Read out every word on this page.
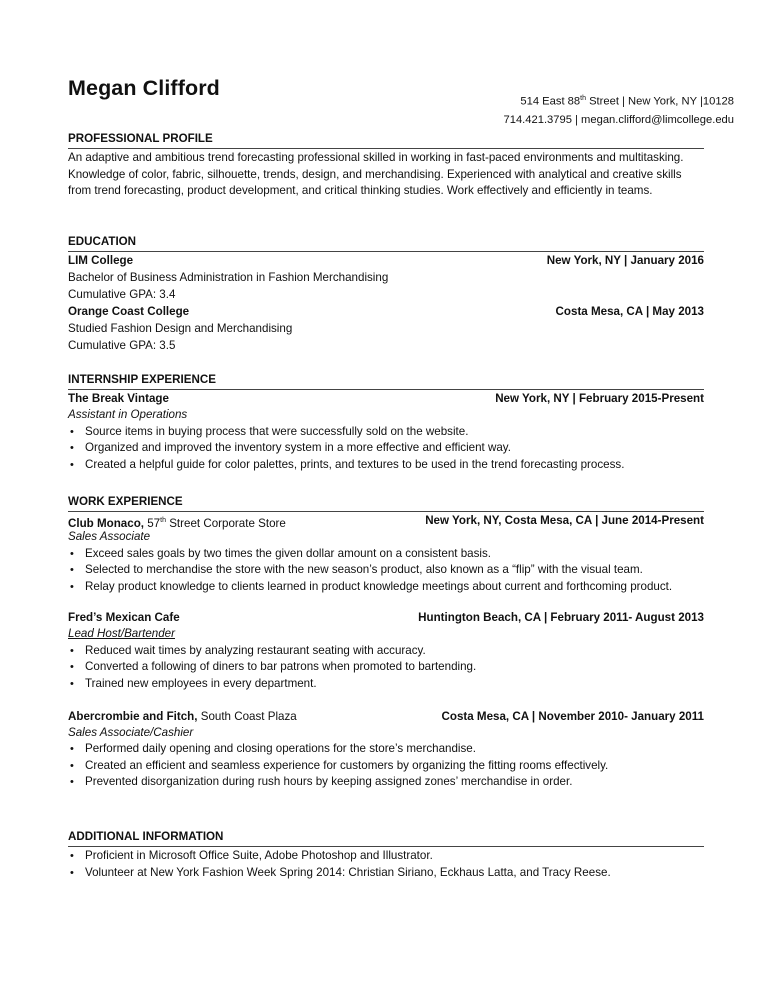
Megan Clifford
514 East 88th Street | New York, NY |10128
714.421.3795 | megan.clifford@limcollege.edu
PROFESSIONAL PROFILE
An adaptive and ambitious trend forecasting professional skilled in working in fast-paced environments and multitasking. Knowledge of color, fabric, silhouette, trends, design, and merchandising. Experienced with analytical and creative skills from trend forecasting, product development, and critical thinking studies. Work effectively and efficiently in teams.
EDUCATION
LIM College	New York, NY | January 2016
Bachelor of Business Administration in Fashion Merchandising
Cumulative GPA: 3.4
Orange Coast College	Costa Mesa, CA | May 2013
Studied Fashion Design and Merchandising
Cumulative GPA: 3.5
INTERNSHIP EXPERIENCE
The Break Vintage	New York, NY | February 2015-Present
Assistant in Operations
• Source items in buying process that were successfully sold on the website.
• Organized and improved the inventory system in a more effective and efficient way.
• Created a helpful guide for color palettes, prints, and textures to be used in the trend forecasting process.
WORK EXPERIENCE
Club Monaco, 57th Street Corporate Store	New York, NY, Costa Mesa, CA | June 2014-Present
Sales Associate
• Exceed sales goals by two times the given dollar amount on a consistent basis.
• Selected to merchandise the store with the new season’s product, also known as a “flip” with the visual team.
• Relay product knowledge to clients learned in product knowledge meetings about current and forthcoming product.
Fred’s Mexican Cafe	Huntington Beach, CA | February 2011- August 2013
Lead Host/Bartender
• Reduced wait times by analyzing restaurant seating with accuracy.
• Converted a following of diners to bar patrons when promoted to bartending.
• Trained new employees in every department.
Abercrombie and Fitch, South Coast Plaza	Costa Mesa, CA | November 2010- January 2011
Sales Associate/Cashier
• Performed daily opening and closing operations for the store’s merchandise.
• Created an efficient and seamless experience for customers by organizing the fitting rooms effectively.
• Prevented disorganization during rush hours by keeping assigned zones’ merchandise in order.
ADDITIONAL INFORMATION
• Proficient in Microsoft Office Suite, Adobe Photoshop and Illustrator.
• Volunteer at New York Fashion Week Spring 2014: Christian Siriano, Eckhaus Latta, and Tracy Reese.
